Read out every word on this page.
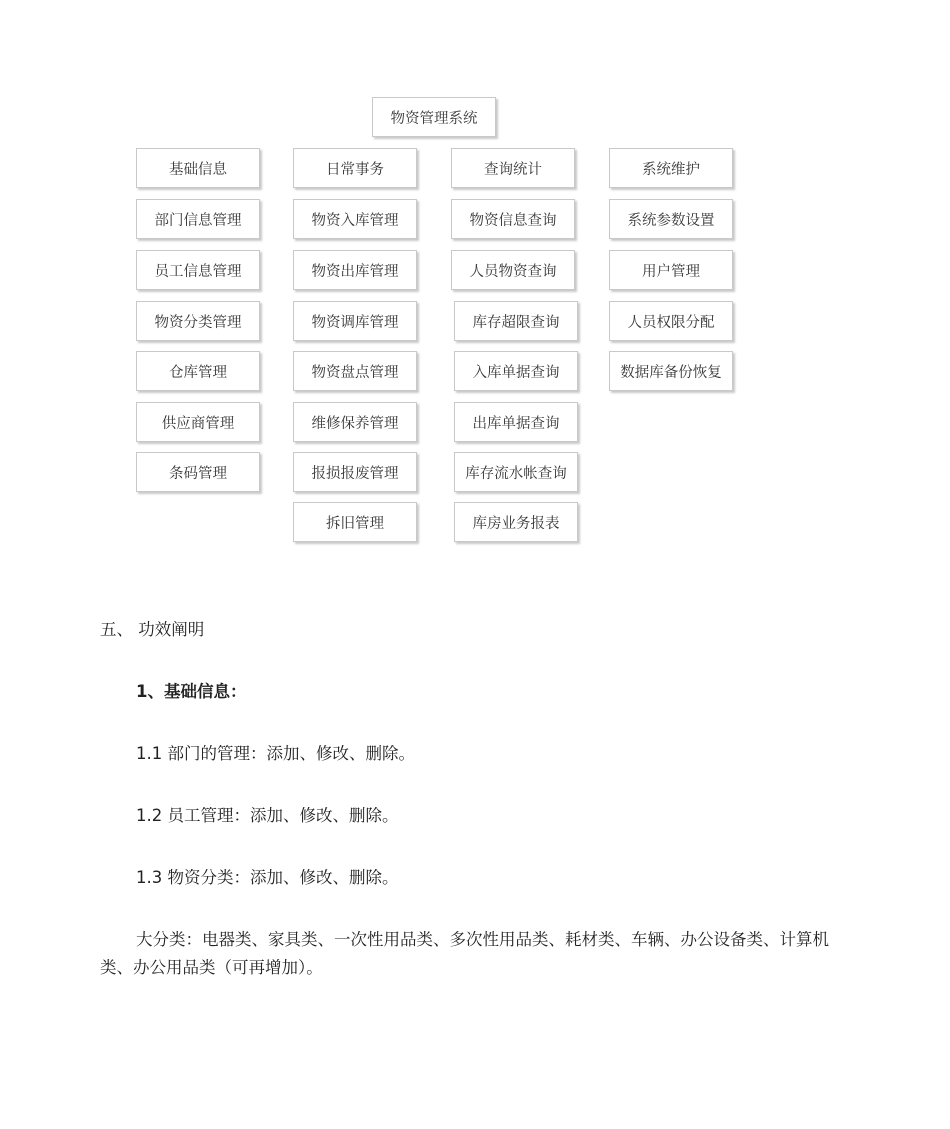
物资管理系统
基础信息
部门信息管理
员工信息管理
物资分类管理
仓库管理
供应商管理
条码管理
日常事务
物资入库管理
物资出库管理
物资调库管理
物资盘点管理
维修保养管理
报损报废管理
拆旧管理
查询统计
物资信息查询
人员物资查询
库存超限查询
入库单据查询
出库单据查询
库存流水帐查询
库房业务报表
系统维护
系统参数设置
用户管理
人员权限分配
数据库备份恢复
五、 功效阐明
1、基础信息：
1.1 部门的管理：添加、修改、删除。
1.2 员工管理：添加、修改、删除。
1.3 物资分类：添加、修改、删除。
大分类：电器类、家具类、一次性用品类、多次性用品类、耗材类、车辆、办公设备类、计算机类、办公用品类（可再增加）。
